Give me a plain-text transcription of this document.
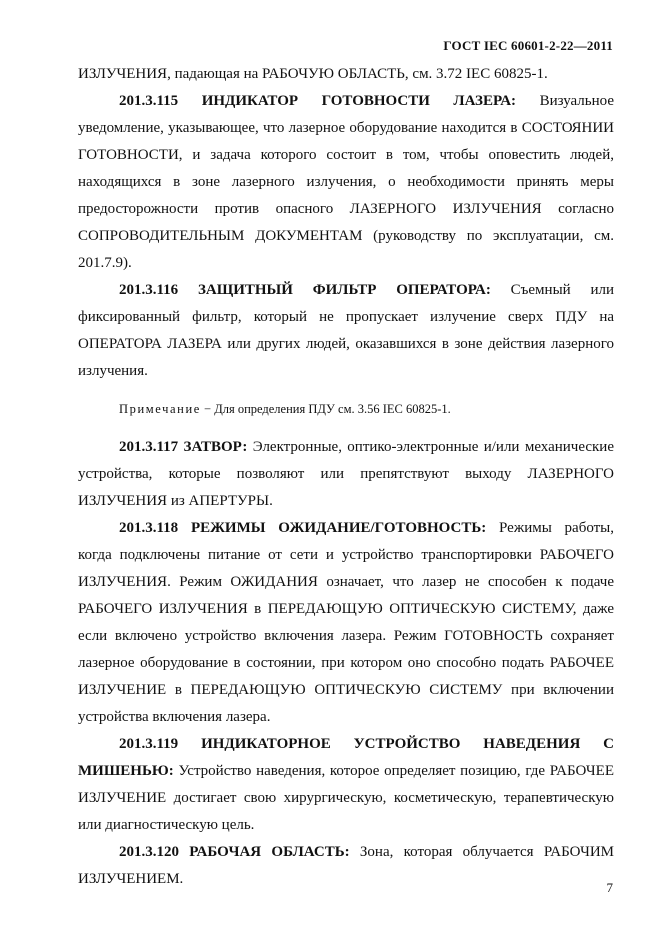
ГОСТ IEC 60601-2-22—2011

ИЗЛУЧЕНИЯ, падающая на РАБОЧУЮ ОБЛАСТЬ, см. 3.72 IEC 60825-1.

201.3.115 ИНДИКАТОР ГОТОВНОСТИ ЛАЗЕРА: Визуальное уведомление, указывающее, что лазерное оборудование находится в СОСТОЯНИИ ГОТОВНОСТИ, и задача которого состоит в том, чтобы оповестить людей, находящихся в зоне лазерного излучения, о необходимости принять меры предосторожности против опасного ЛАЗЕРНОГО ИЗЛУЧЕНИЯ согласно СОПРОВОДИТЕЛЬНЫМ ДОКУМЕНТАМ (руководству по эксплуатации, см. 201.7.9).

201.3.116 ЗАЩИТНЫЙ ФИЛЬТР ОПЕРАТОРА: Съемный или фиксированный фильтр, который не пропускает излучение сверх ПДУ на ОПЕРАТОРА ЛАЗЕРА или других людей, оказавшихся в зоне действия лазерного излучения.

Примечание − Для определения ПДУ см. 3.56 IEC 60825-1.

201.3.117 ЗАТВОР: Электронные, оптико-электронные и/или механические устройства, которые позволяют или препятствуют выходу ЛАЗЕРНОГО ИЗЛУЧЕНИЯ из АПЕРТУРЫ.

201.3.118 РЕЖИМЫ ОЖИДАНИЕ/ГОТОВНОСТЬ: Режимы работы, когда подключены питание от сети и устройство транспортировки РАБОЧЕГО ИЗЛУЧЕНИЯ. Режим ОЖИДАНИЯ означает, что лазер не способен к подаче РАБОЧЕГО ИЗЛУЧЕНИЯ в ПЕРЕДАЮЩУЮ ОПТИЧЕСКУЮ СИСТЕМУ, даже если включено устройство включения лазера. Режим ГОТОВНОСТЬ сохраняет лазерное оборудование в состоянии, при котором оно способно подать РАБОЧЕЕ ИЗЛУЧЕНИЕ в ПЕРЕДАЮЩУЮ ОПТИЧЕСКУЮ СИСТЕМУ при включении устройства включения лазера.

201.3.119 ИНДИКАТОРНОЕ УСТРОЙСТВО НАВЕДЕНИЯ С МИШЕНЬЮ: Устройство наведения, которое определяет позицию, где РАБОЧЕЕ ИЗЛУЧЕНИЕ достигает свою хирургическую, косметическую, терапевтическую или диагностическую цель.

201.3.120 РАБОЧАЯ ОБЛАСТЬ: Зона, которая облучается РАБОЧИМ ИЗЛУЧЕНИЕМ.

7
